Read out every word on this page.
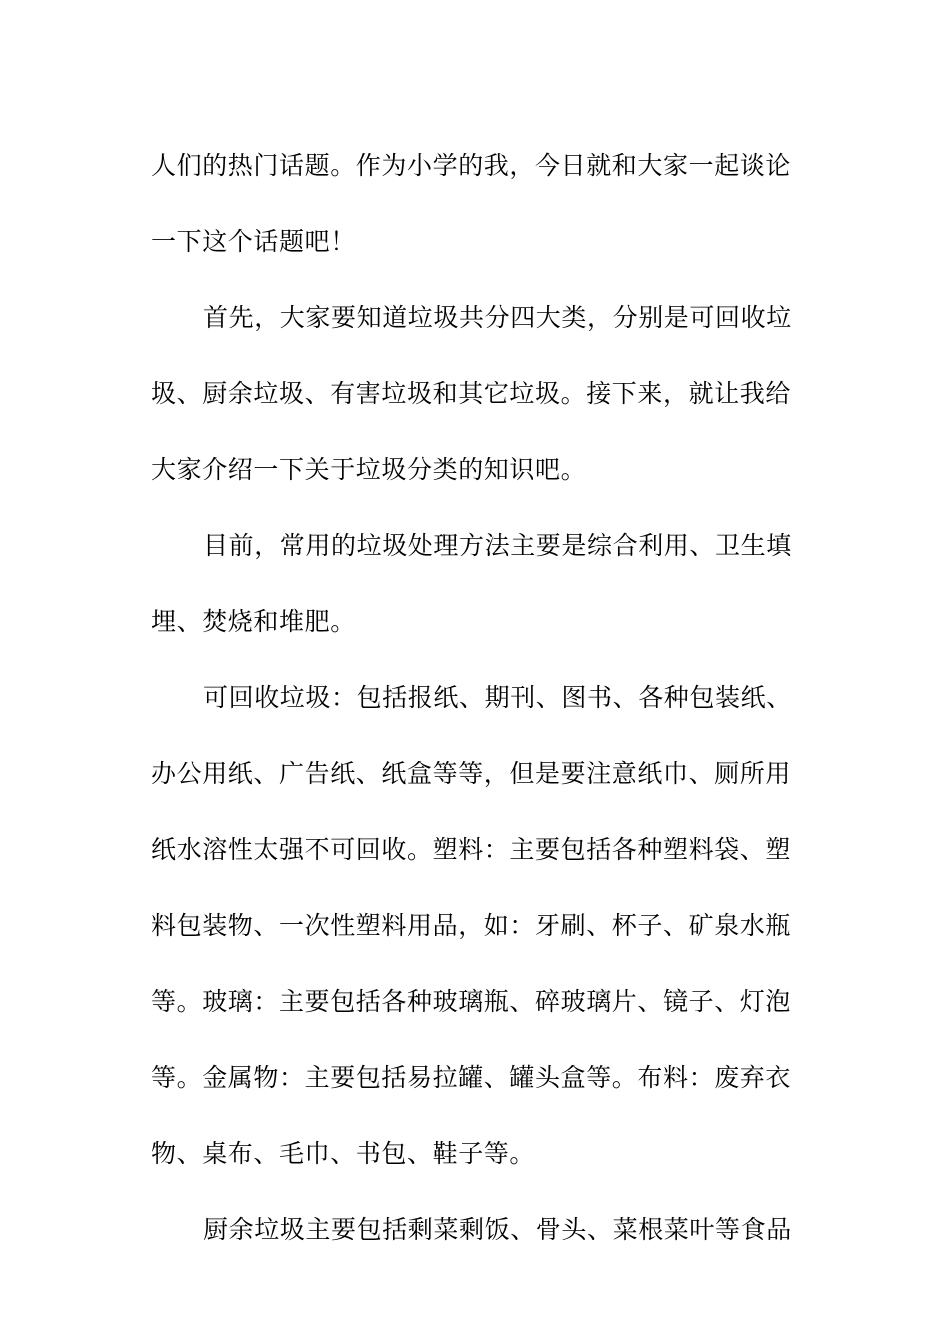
人们的热门话题。作为小学的我，今日就和大家一起谈论
一下这个话题吧！
首先，大家要知道垃圾共分四大类，分别是可回收垃
圾、厨余垃圾、有害垃圾和其它垃圾。接下来，就让我给
大家介绍一下关于垃圾分类的知识吧。
目前，常用的垃圾处理方法主要是综合利用、卫生填
埋、焚烧和堆肥。
可回收垃圾：包括报纸、期刊、图书、各种包装纸、
办公用纸、广告纸、纸盒等等，但是要注意纸巾、厕所用
纸水溶性太强不可回收。塑料：主要包括各种塑料袋、塑
料包装物、一次性塑料用品，如：牙刷、杯子、矿泉水瓶
等。玻璃：主要包括各种玻璃瓶、碎玻璃片、镜子、灯泡
等。金属物：主要包括易拉罐、罐头盒等。布料：废弃衣
物、桌布、毛巾、书包、鞋子等。
厨余垃圾主要包括剩菜剩饭、骨头、菜根菜叶等食品
